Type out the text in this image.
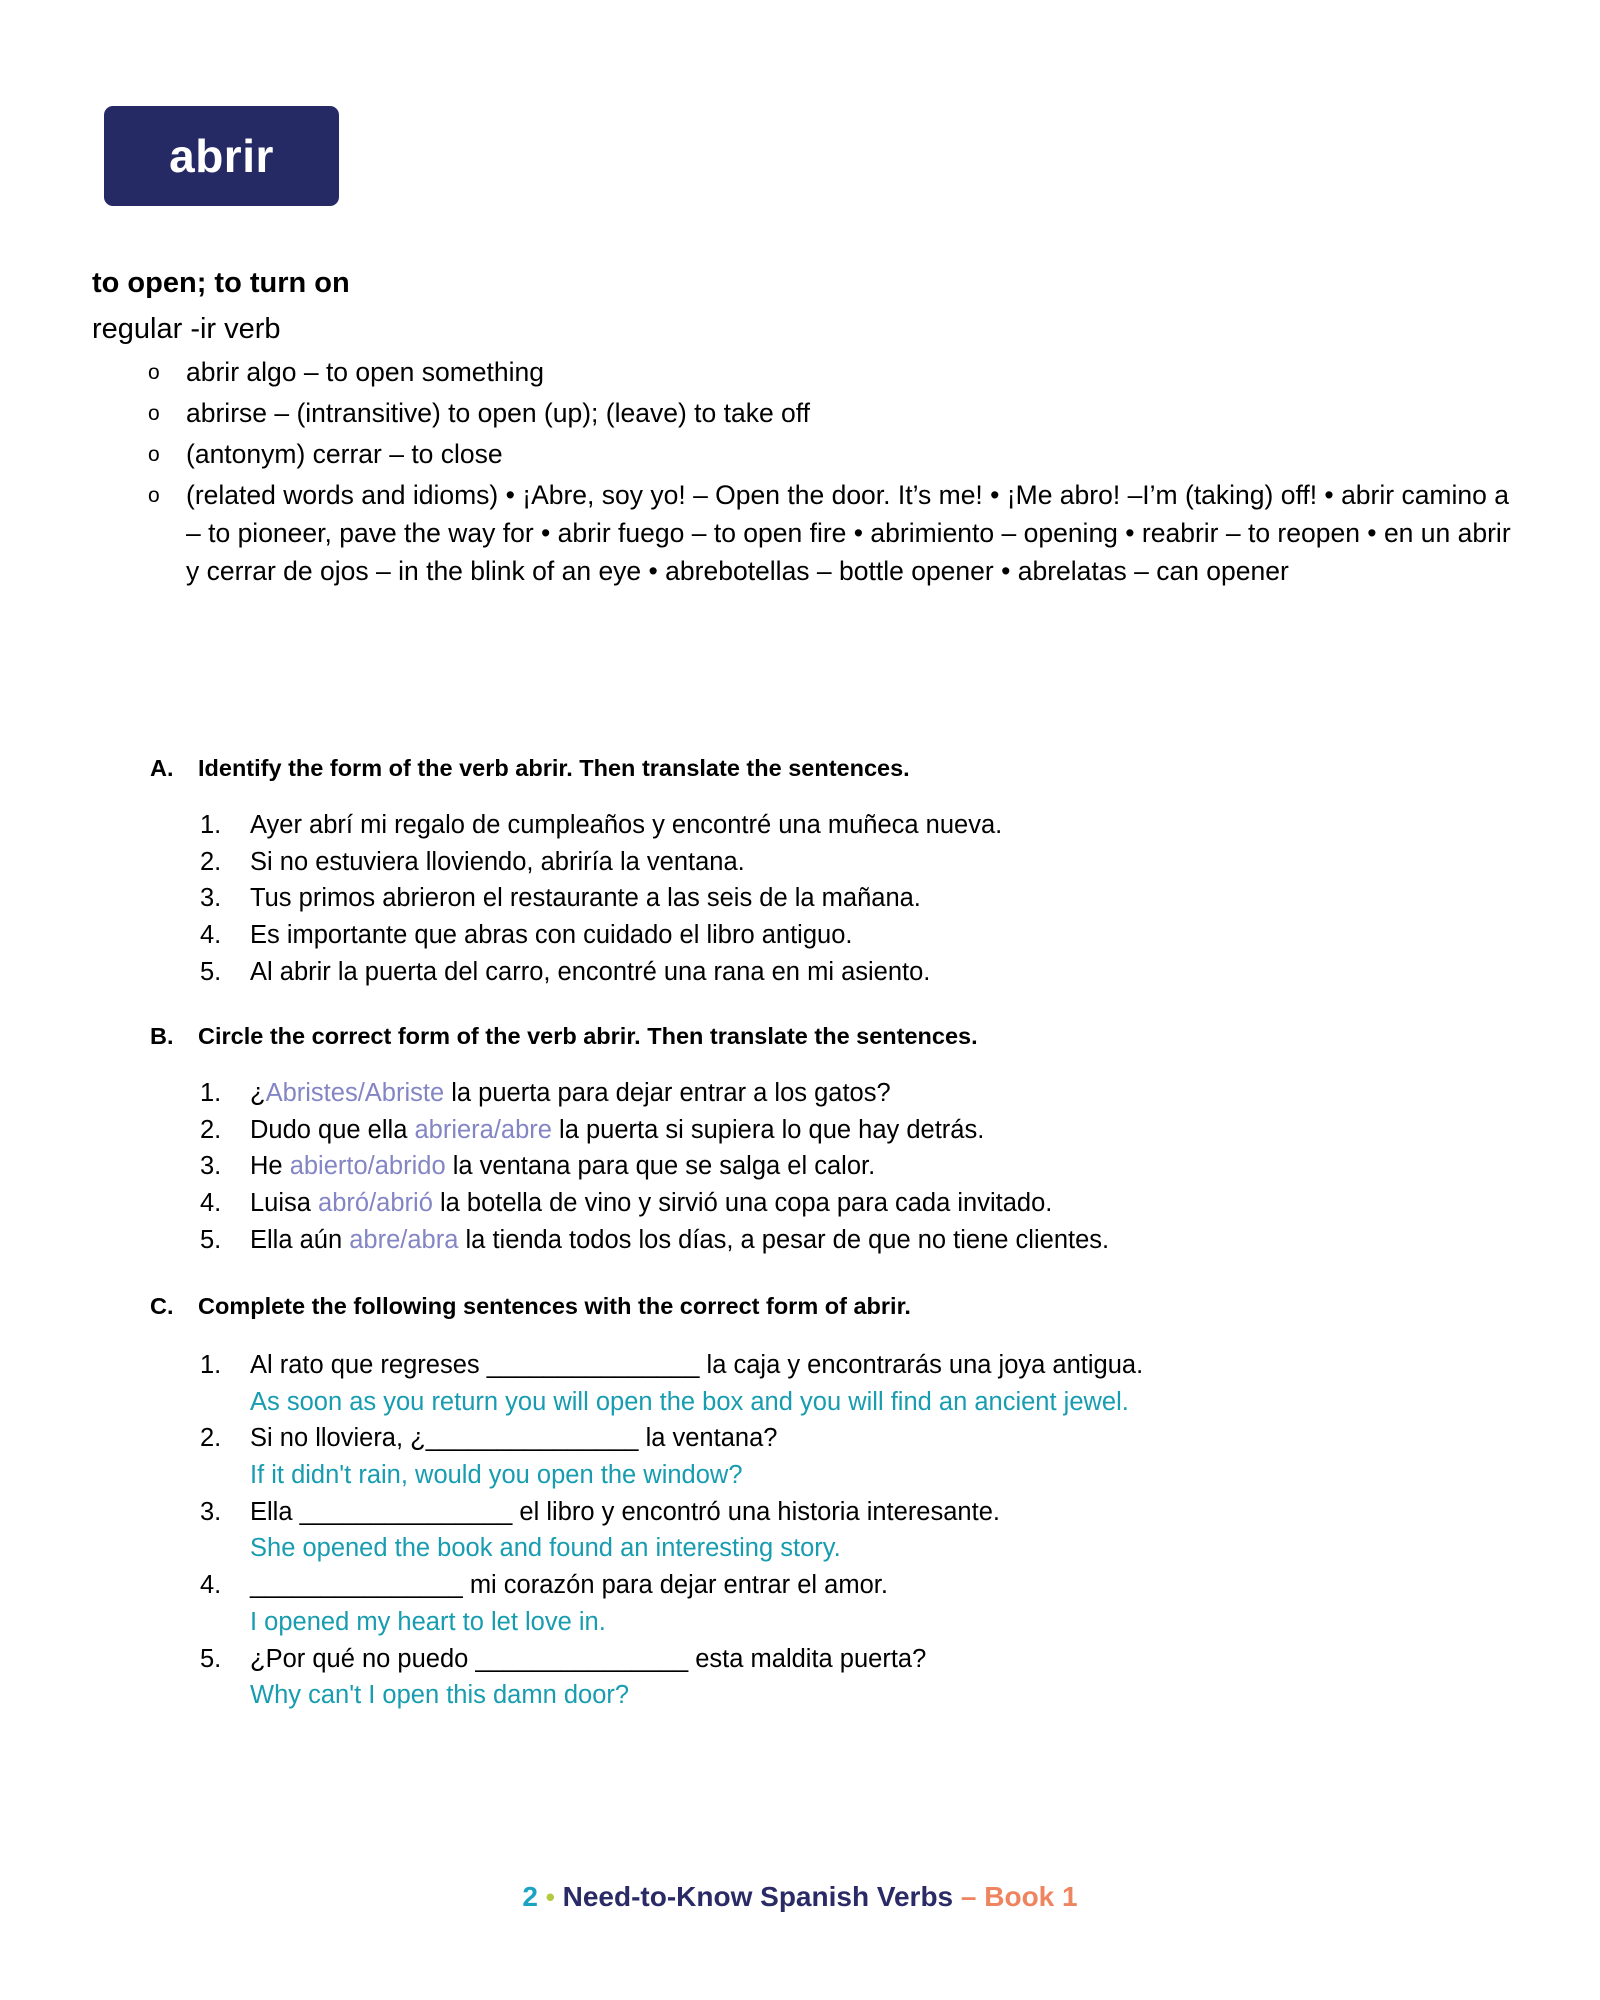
abrir

to open; to turn on

regular -ir verb

o abrir algo – to open something
o abrirse – (intransitive) to open (up); (leave) to take off
o (antonym) cerrar – to close
o (related words and idioms) • ¡Abre, soy yo! – Open the door. It’s me! • ¡Me abro! –I’m (taking) off! • abrir camino a – to pioneer, pave the way for • abrir fuego – to open fire • abrimiento – opening • reabrir – to reopen • en un abrir y cerrar de ojos – in the blink of an eye • abrebotellas – bottle opener • abrelatas – can opener

A.	Identify the form of the verb abrir. Then translate the sentences.

1.	Ayer abrí mi regalo de cumpleaños y encontré una muñeca nueva.
2.	Si no estuviera lloviendo, abriría la ventana.
3.	Tus primos abrieron el restaurante a las seis de la mañana.
4.	Es importante que abras con cuidado el libro antiguo.
5.	Al abrir la puerta del carro, encontré una rana en mi asiento.

B.	Circle the correct form of the verb abrir. Then translate the sentences.

1.	¿Abristes/Abriste la puerta para dejar entrar a los gatos?
2.	Dudo que ella abriera/abre la puerta si supiera lo que hay detrás.
3.	He abierto/abrido la ventana para que se salga el calor.
4.	Luisa abró/abrió la botella de vino y sirvió una copa para cada invitado.
5.	Ella aún abre/abra la tienda todos los días, a pesar de que no tiene clientes.

C.	Complete the following sentences with the correct form of abrir.

1.	Al rato que regreses _______________ la caja y encontrarás una joya antigua.
As soon as you return you will open the box and you will find an ancient jewel.
2.	Si no lloviera, ¿_______________ la ventana?
If it didn't rain, would you open the window?
3.	Ella _______________ el libro y encontró una historia interesante.
She opened the book and found an interesting story.
4.	_______________ mi corazón para dejar entrar el amor.
I opened my heart to let love in.
5.	¿Por qué no puedo _______________ esta maldita puerta?
Why can't I open this damn door?
2 • Need-to-Know Spanish Verbs – Book 1
